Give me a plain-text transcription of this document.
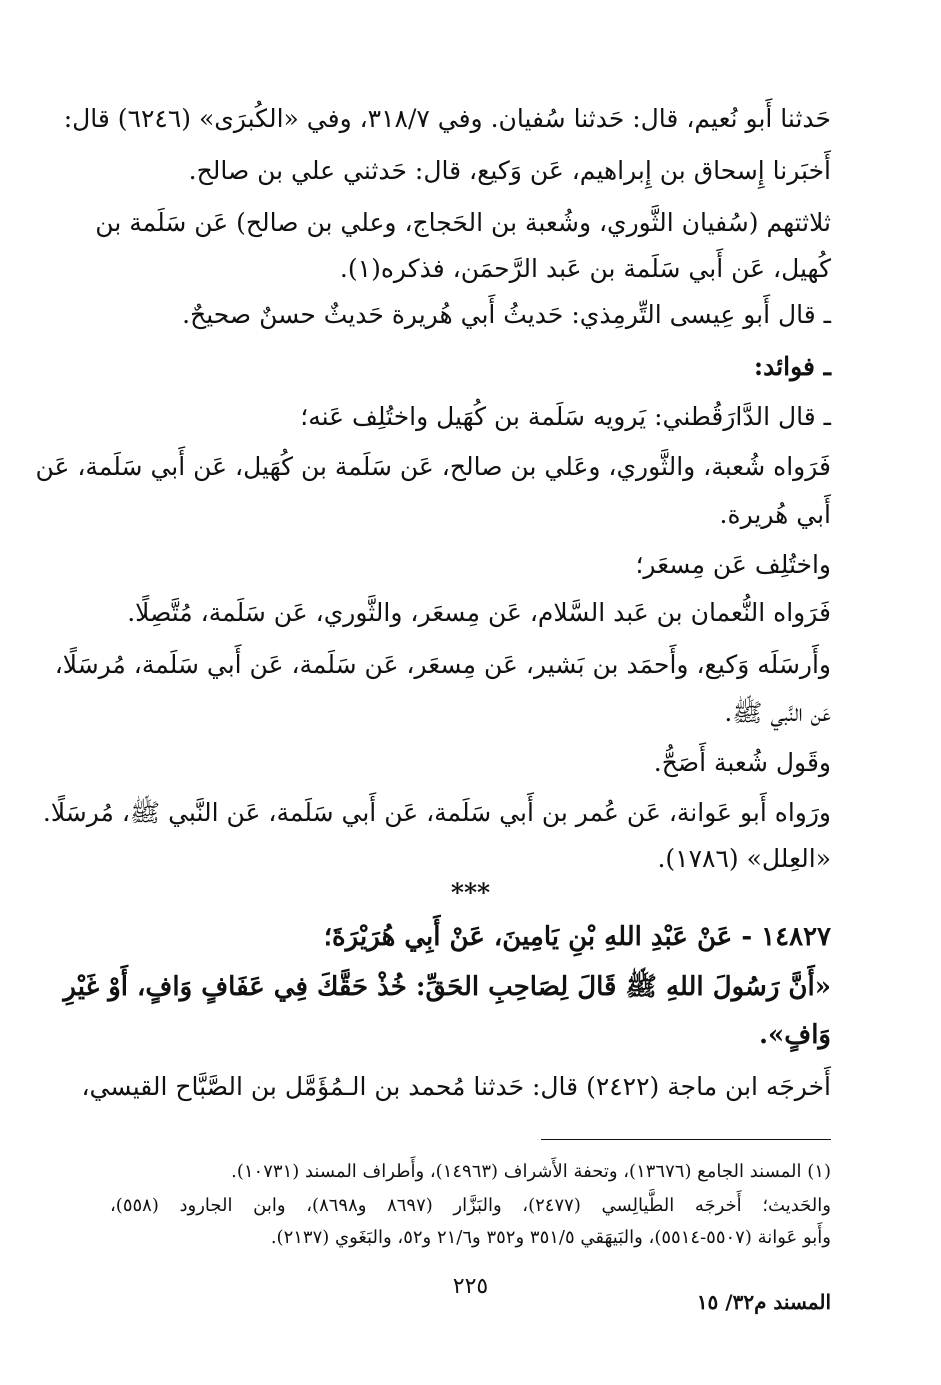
حَدثنا أَبو نُعيم، قال: حَدثنا سُفيان. وفي ٣١٨/٧، وفي «الكُبرَى» (٦٢٤٦) قال:
أَخبَرنا إِسحاق بن إِبراهيم، عَن وَكيع، قال: حَدثني علي بن صالح.
ثلاثتهم (سُفيان الثَّوري، وشُعبة بن الحَجاج، وعلي بن صالح) عَن سَلَمة بن
كُهيل، عَن أَبي سَلَمة بن عَبد الرَّحمَن، فذكره(١).
ـ قال أَبو عِيسى التِّرمِذي: حَديثُ أَبي هُريرة حَديثٌ حسنٌ صحيحٌ.
ـ فوائد:
ـ قال الدَّارَقُطني: يَرويه سَلَمة بن كُهَيل واختُلِف عَنه؛
فَرَواه شُعبة، والثَّوري، وعَلي بن صالح، عَن سَلَمة بن كُهَيل، عَن أَبي سَلَمة، عَن
أَبي هُريرة.
واختُلِف عَن مِسعَر؛
فَرَواه النُّعمان بن عَبد السَّلام، عَن مِسعَر، والثَّوري، عَن سَلَمة، مُتَّصِلًا.
وأَرسَلَه وَكيع، وأَحمَد بن بَشير، عَن مِسعَر، عَن سَلَمة، عَن أَبي سَلَمة، مُرسَلًا،
عَن النَّبي ﷺ.
وقَول شُعبة أَصَحُّ.
ورَواه أَبو عَوانة، عَن عُمر بن أَبي سَلَمة، عَن أَبي سَلَمة، عَن النَّبي ﷺ، مُرسَلًا.
«العِلل» (١٧٨٦).
***
١٤٨٢٧ - عَنْ عَبْدِ اللهِ بْنِ يَامِينَ، عَنْ أَبِي هُرَيْرَةَ؛
«أَنَّ رَسُولَ اللهِ ﷺ قَالَ لِصَاحِبِ الحَقِّ: خُذْ حَقَّكَ فِي عَفَافٍ وَافٍ، أَوْ غَيْرِ
وَافٍ».
أَخرجَه ابن ماجة (٢٤٢٢) قال: حَدثنا مُحمد بن الـمُؤَمَّل بن الصَّبَّاح القيسي،
(١) المسند الجامع (١٣٦٧٦)، وتحفة الأَشراف (١٤٩٦٣)، وأَطراف المسند (١٠٧٣١).
والحَديث؛ أَخرجَه الطَّيالِسي (٢٤٧٧)، والبَزَّار (٨٦٩٧ و٨٦٩٨)، وابن الجارود (٥٥٨)،
وأَبو عَوانة (٥٥٠٧-٥٥١٤)، والبَيهَقي ٣٥١/٥ و٣٥٢ و٢١/٦ و٥٢، والبَغَوي (٢١٣٧).
٢٢٥
المسند م٣٢/ ١٥
